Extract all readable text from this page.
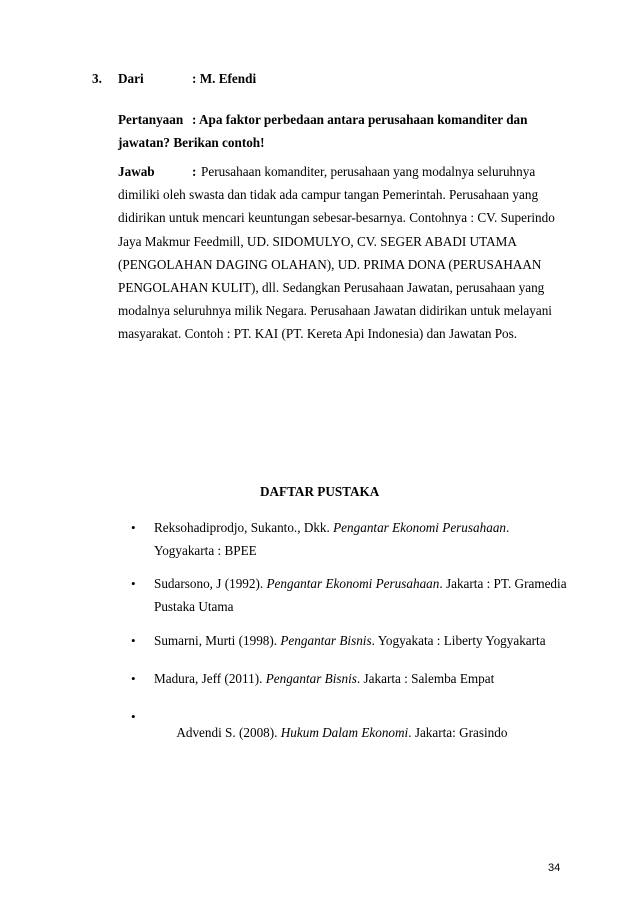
3. Dari	: M. Efendi
Pertanyaan : Apa faktor perbedaan antara perusahaan komanditer dan
jawatan? Berikan contoh!
Jawab	: Perusahaan komanditer, perusahaan yang modalnya seluruhnya
dimiliki oleh swasta dan tidak ada campur tangan Pemerintah. Perusahaan yang
didirikan untuk mencari keuntungan sebesar-besarnya. Contohnya : CV. Superindo
Jaya Makmur Feedmill, UD. SIDOMULYO, CV. SEGER ABADI UTAMA
(PENGOLAHAN DAGING OLAHAN), UD. PRIMA DONA (PERUSAHAAN
PENGOLAHAN KULIT), dll. Sedangkan Perusahaan Jawatan, perusahaan yang
modalnya seluruhnya milik Negara. Perusahaan Jawatan didirikan untuk melayani
masyarakat. Contoh : PT. KAI (PT. Kereta Api Indonesia) dan Jawatan Pos.
DAFTAR PUSTAKA
• Reksohadiprodjo, Sukanto., Dkk. Pengantar Ekonomi Perusahaan.
Yogyakarta : BPEE
• Sudarsono, J (1992). Pengantar Ekonomi Perusahaan. Jakarta : PT. Gramedia
Pustaka Utama
• Sumarni, Murti (1998). Pengantar Bisnis. Yogyakata : Liberty Yogyakarta
• Madura, Jeff (2011). Pengantar Bisnis. Jakarta : Salemba Empat
•

Advendi S. (2008). Hukum Dalam Ekonomi. Jakarta: Grasindo

34
